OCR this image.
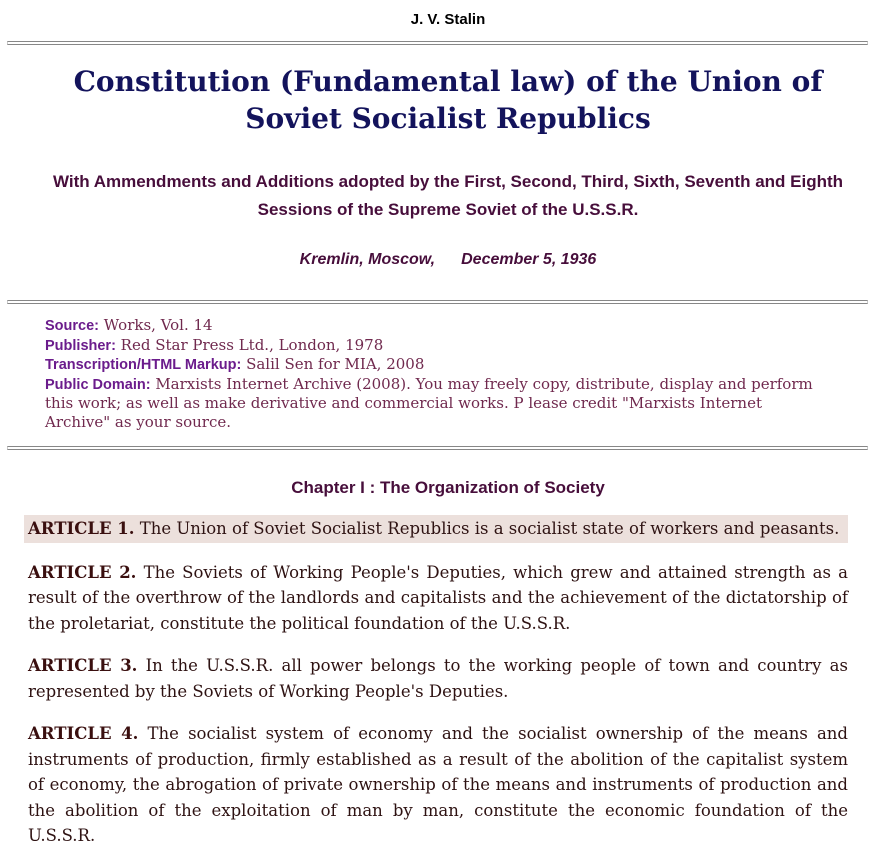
J. V. Stalin
Constitution (Fundamental law) of the Union of Soviet Socialist Republics
With Ammendments and Additions adopted by the First, Second, Third, Sixth, Seventh and Eighth Sessions of the Supreme Soviet of the U.S.S.R.
Kremlin, Moscow, December 5, 1936
Source: Works, Vol. 14
Publisher: Red Star Press Ltd., London, 1978
Transcription/HTML Markup: Salil Sen for MIA, 2008
Public Domain: Marxists Internet Archive (2008). You may freely copy, distribute, display and perform this work; as well as make derivative and commercial works. P lease credit "Marxists Internet Archive" as your source.
Chapter I : The Organization of Society

ARTICLE 1. The Union of Soviet Socialist Republics is a socialist state of workers and peasants.

ARTICLE 2. The Soviets of Working People's Deputies, which grew and attained strength as a result of the overthrow of the landlords and capitalists and the achievement of the dictatorship of the proletariat, constitute the political foundation of the U.S.S.R.

ARTICLE 3. In the U.S.S.R. all power belongs to the working people of town and country as represented by the Soviets of Working People's Deputies.

ARTICLE 4. The socialist system of economy and the socialist ownership of the means and instruments of production, firmly established as a result of the abolition of the capitalist system of economy, the abrogation of private ownership of the means and instruments of production and the abolition of the exploitation of man by man, constitute the economic foundation of the U.S.S.R.
